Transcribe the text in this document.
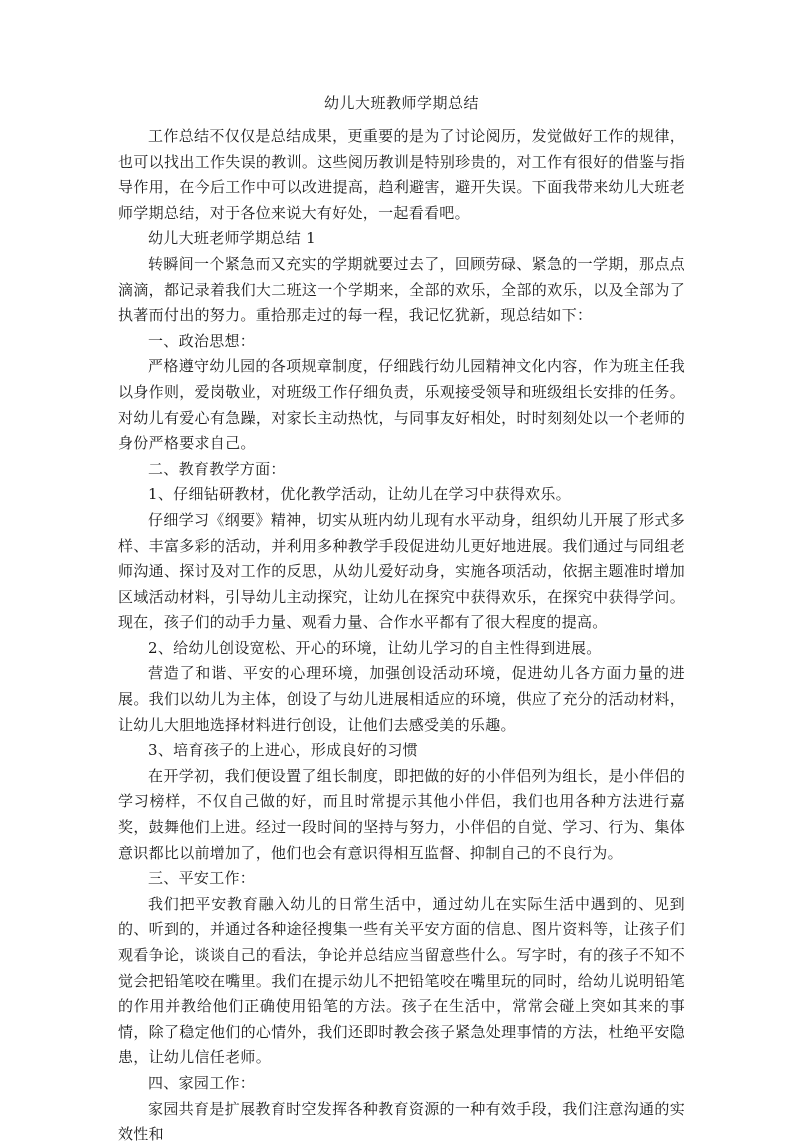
幼儿大班教师学期总结

工作总结不仅仅是总结成果，更重要的是为了讨论阅历，发觉做好工作的规律，也可以找出工作失误的教训。这些阅历教训是特别珍贵的，对工作有很好的借鉴与指导作用，在今后工作中可以改进提高，趋利避害，避开失误。下面我带来幼儿大班老师学期总结，对于各位来说大有好处，一起看看吧。

幼儿大班老师学期总结 1

转瞬间一个紧急而又充实的学期就要过去了，回顾劳碌、紧急的一学期，那点点滴滴，都记录着我们大二班这一个学期来，全部的欢乐，全部的欢乐，以及全部为了执著而付出的努力。重拾那走过的每一程，我记忆犹新，现总结如下：

一、政治思想：

严格遵守幼儿园的各项规章制度，仔细践行幼儿园精神文化内容，作为班主任我以身作则，爱岗敬业，对班级工作仔细负责，乐观接受领导和班级组长安排的任务。对幼儿有爱心有急躁，对家长主动热忱，与同事友好相处，时时刻刻处以一个老师的身份严格要求自己。

二、教育教学方面：

1、仔细钻研教材，优化教学活动，让幼儿在学习中获得欢乐。

仔细学习《纲要》精神，切实从班内幼儿现有水平动身，组织幼儿开展了形式多样、丰富多彩的活动，并利用多种教学手段促进幼儿更好地进展。我们通过与同组老师沟通、探讨及对工作的反思，从幼儿爱好动身，实施各项活动，依据主题准时增加区域活动材料，引导幼儿主动探究，让幼儿在探究中获得欢乐，在探究中获得学问。现在，孩子们的动手力量、观看力量、合作水平都有了很大程度的提高。

2、给幼儿创设宽松、开心的环境，让幼儿学习的自主性得到进展。

营造了和谐、平安的心理环境，加强创设活动环境，促进幼儿各方面力量的进展。我们以幼儿为主体，创设了与幼儿进展相适应的环境，供应了充分的活动材料，让幼儿大胆地选择材料进行创设，让他们去感受美的乐趣。

3、培育孩子的上进心，形成良好的习惯

在开学初，我们便设置了组长制度，即把做的好的小伴侣列为组长，是小伴侣的学习榜样，不仅自己做的好，而且时常提示其他小伴侣，我们也用各种方法进行嘉奖，鼓舞他们上进。经过一段时间的坚持与努力，小伴侣的自觉、学习、行为、集体意识都比以前增加了，他们也会有意识得相互监督、抑制自己的不良行为。

三、平安工作：

我们把平安教育融入幼儿的日常生活中，通过幼儿在实际生活中遇到的、见到的、听到的，并通过各种途径搜集一些有关平安方面的信息、图片资料等，让孩子们观看争论，谈谈自己的看法，争论并总结应当留意些什么。写字时，有的孩子不知不觉会把铅笔咬在嘴里。我们在提示幼儿不把铅笔咬在嘴里玩的同时，给幼儿说明铅笔的作用并教给他们正确使用铅笔的方法。孩子在生活中，常常会碰上突如其来的事情，除了稳定他们的心情外，我们还即时教会孩子紧急处理事情的方法，杜绝平安隐患，让幼儿信任老师。

四、家园工作：

家园共育是扩展教育时空发挥各种教育资源的一种有效手段，我们注意沟通的实效性和
